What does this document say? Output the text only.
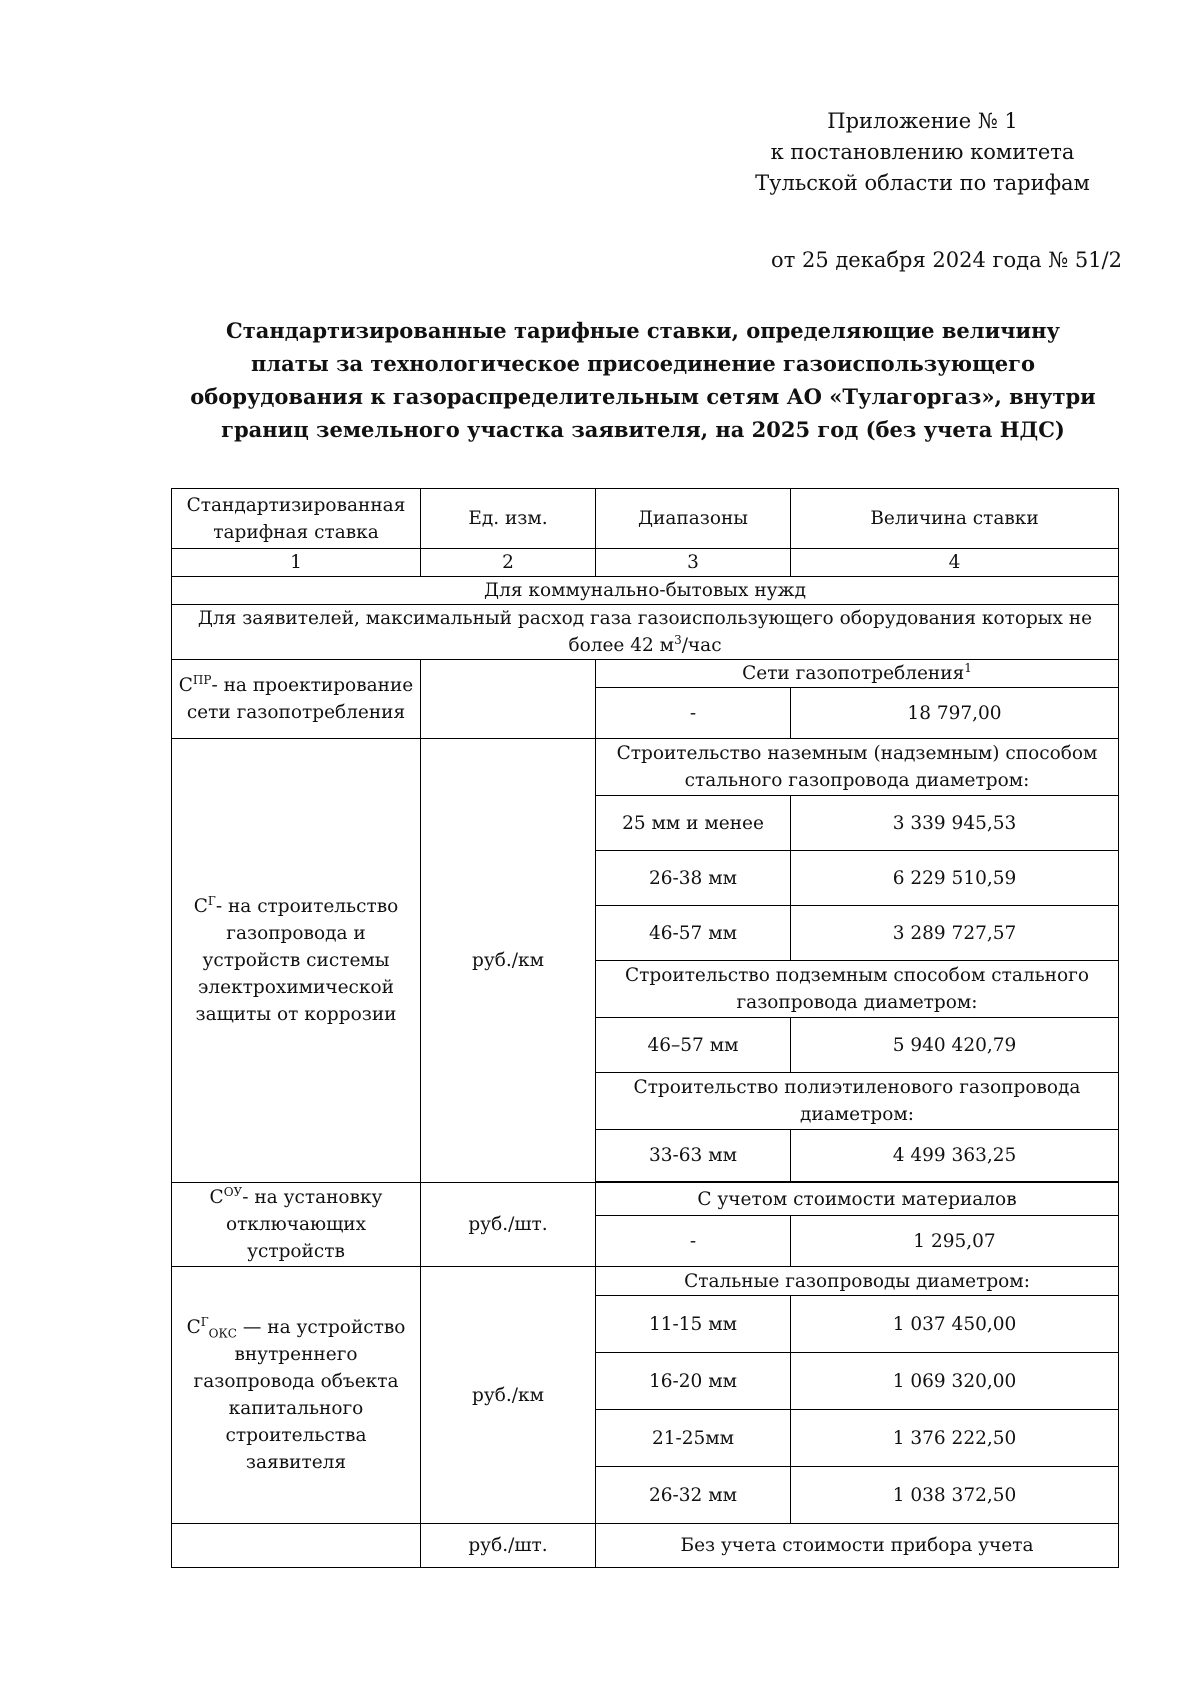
Приложение № 1
к постановлению комитета
Тульской области по тарифам
от 25 декабря 2024 года № 51/2
Стандартизированные тарифные ставки, определяющие величину
платы за технологическое присоединение газоиспользующего
оборудования к газораспределительным сетям АО «Тулагоргаз», внутри
границ земельного участка заявителя, на 2025 год (без учета НДС)
Стандартизированная тарифная ставка	Ед. изм.	Диапазоны	Величина ставки
1	2	3	4
Для коммунально-бытовых нужд			
Для заявителей, максимальный расход газа газоиспользующего оборудования которых не более 42 $м^3$/час			
$С^{ПР}-$ на проектирование сети газопотребления		Сети газопотребления$^1$
		-	18 797,00
$С^Г-$ на строительство газопровода и устройств системы электрохимической защиты от коррозии	руб./км	Строительство наземным (надземным) способом стального газопровода диаметром:	
		25 мм и менее	3 339 945,53
		26-38 мм	6 229 510,59
		46-57 мм	3 289 727,57
		Строительство подземным способом стального газопровода диаметром:	
		46–57 мм	5 940 420,79
		Строительство полиэтиленового газопровода диаметром:	
		33-63 мм	4 499 363,25

$С^{ОУ}-$ на установку отключающих устройств	руб./шт.	С учетом стоимости материалов	
		-	1 295,07
$С^Г_{ОКС}$ — на устройство внутреннего газопровода объекта капитального строительства заявителя	руб./км	Стальные газопроводы диаметром:	
		11-15 мм	1 037 450,00
		16-20 мм	1 069 320,00
		21-25мм	1 376 222,50
		26-32 мм	1 038 372,50
	руб./шт.	Без учета стоимости прибора учета	
